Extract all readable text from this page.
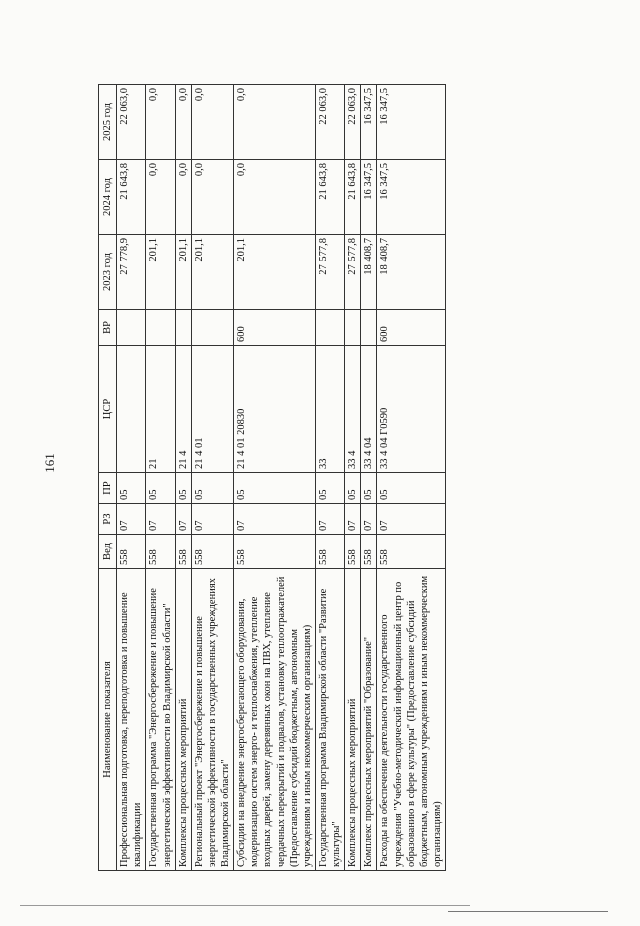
161
Наименование показателя	Вед	РЗ	ПР	ЦСР	ВР	2023 год	2024 год	2025 год
Профессиональная подготовка, переподготовка и повышение квалификации	558	07	05			27 778,9	21 643,8	22 063,0
Государственная программа "Энергосбережение и повышение энергетической эффективности во Владимирской области"	558	07	05	21		201,1	0,0	0,0
Комплексы процессных мероприятий	558	07	05	21 4		201,1	0,0	0,0
Региональный проект "Энергосбережение и повышение энергетической эффективности в государственных учреждениях Владимирской области"	558	07	05	21 4 01		201,1	0,0	0,0
Субсидии на внедрение энергосберегающего оборудования, модернизацию систем энерго- и теплоснабжения, утепление входных дверей, замену деревянных окон на ПВХ, утепление чердачных перекрытий и подвалов, установку теплоотражателей (Предоставление субсидий бюджетным, автономным учреждениям и иным некоммерческим организациям)	558	07	05	21 4 01 20830	600	201,1	0,0	0,0
Государственная программа Владимирской области "Развитие культуры"	558	07	05	33		27 577,8	21 643,8	22 063,0
Комплексы процессных мероприятий	558	07	05	33 4		27 577,8	21 643,8	22 063,0
Комплекс процессных мероприятий "Образование"	558	07	05	33 4 04		18 408,7	16 347,5	16 347,5
Расходы на обеспечение деятельности государственного учреждения "Учебно-методический информационный центр по образованию в сфере культуры" (Предоставление субсидий бюджетным, автономным учреждениям и иным некоммерческим организациям)	558	07	05	33 4 04 Г0590	600	18 408,7	16 347,5	16 347,5
